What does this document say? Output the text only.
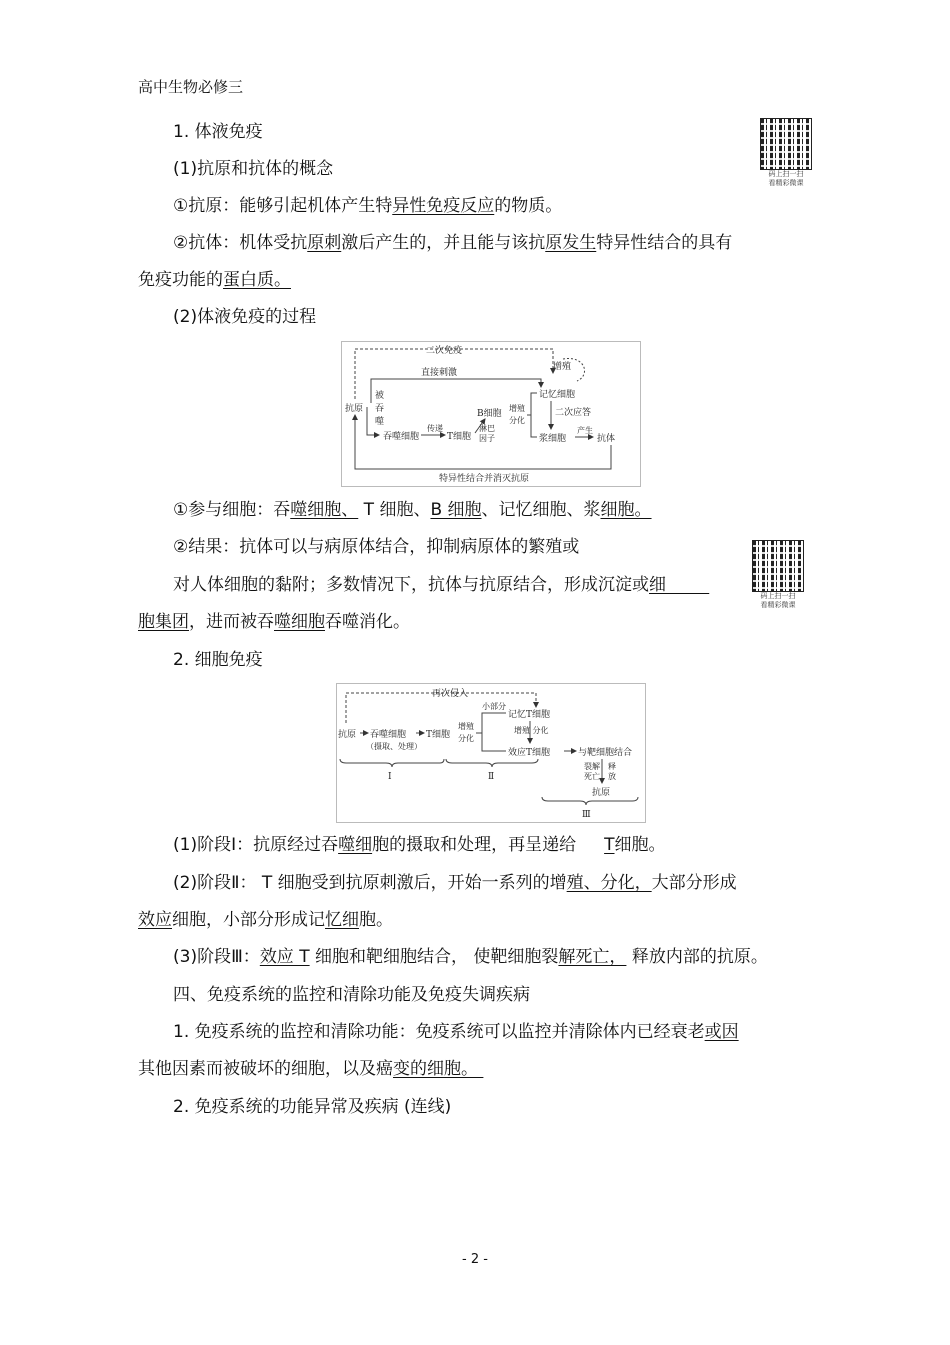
高中生物必修三
码上扫一扫
看精彩微课
1. 体液免疫
(1)抗原和抗体的概念
①抗原：能够引起机体产生特异性免疫反应的物质。
②抗体：机体受抗原刺激后产生的，并且能与该抗原发生特异性结合的具有
免疫功能的蛋白质。
(2)体液免疫的过程
二次免疫
直接刺激
抗原
被
吞
噬
吞噬细胞
传递
T细胞
B细胞
淋巴
因子
增殖
分化
增殖
记忆细胞
二次应答
浆细胞
产生
抗体
特异性结合并消灭抗原
①参与细胞：吞噬细胞、 T 细胞、B 细胞、记忆细胞、浆细胞。
码上扫一扫
看精彩微课
②结果：抗体可以与病原体结合，抑制病原体的繁殖或
对人体细胞的黏附；多数情况下，抗体与抗原结合，形成沉淀或细
胞集团，进而被吞噬细胞吞噬消化。
2. 细胞免疫
再次侵入
抗原 吞噬细胞
（摄取、处理）
T细胞
增殖
分化
小部分
记忆T细胞
增殖 分化
效应T细胞	与靶细胞结合
裂解
死亡
释
放
抗原
Ⅰ	Ⅱ
Ⅲ
(1)阶段Ⅰ：抗原经过吞噬细胞的摄取和处理，再呈递给 T细胞。
(2)阶段Ⅱ： T 细胞受到抗原刺激后，开始一系列的增殖、分化，大部分形成
效应细胞，小部分形成记忆细胞。
(3)阶段Ⅲ：效应 T 细胞和靶细胞结合， 使靶细胞裂解死亡， 释放内部的抗原。
四、免疫系统的监控和清除功能及免疫失调疾病
1. 免疫系统的监控和清除功能：免疫系统可以监控并清除体内已经衰老或因
其他因素而被破坏的细胞，以及癌变的细胞。
2. 免疫系统的功能异常及疾病 (连线)
- 2 -
